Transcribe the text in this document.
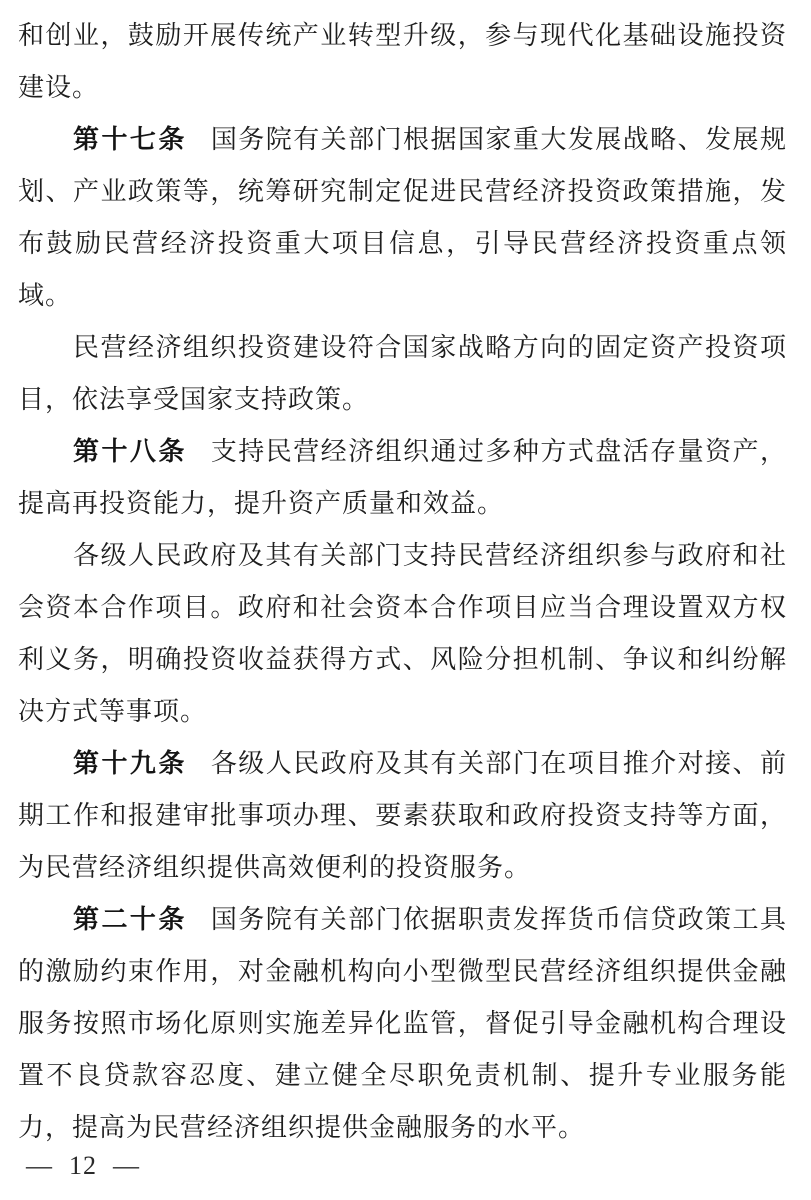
和创业，鼓励开展传统产业转型升级，参与现代化基础设施投资
建设。
第十七条 国务院有关部门根据国家重大发展战略、发展规
划、产业政策等，统筹研究制定促进民营经济投资政策措施，发
布鼓励民营经济投资重大项目信息，引导民营经济投资重点领
域。
民营经济组织投资建设符合国家战略方向的固定资产投资项
目，依法享受国家支持政策。
第十八条 支持民营经济组织通过多种方式盘活存量资产，
提高再投资能力，提升资产质量和效益。
各级人民政府及其有关部门支持民营经济组织参与政府和社
会资本合作项目。政府和社会资本合作项目应当合理设置双方权
利义务，明确投资收益获得方式、风险分担机制、争议和纠纷解
决方式等事项。
第十九条 各级人民政府及其有关部门在项目推介对接、前
期工作和报建审批事项办理、要素获取和政府投资支持等方面，
为民营经济组织提供高效便利的投资服务。
第二十条 国务院有关部门依据职责发挥货币信贷政策工具
的激励约束作用，对金融机构向小型微型民营经济组织提供金融
服务按照市场化原则实施差异化监管，督促引导金融机构合理设
置不良贷款容忍度、建立健全尽职免责机制、提升专业服务能
力，提高为民营经济组织提供金融服务的水平。
— 12 —
